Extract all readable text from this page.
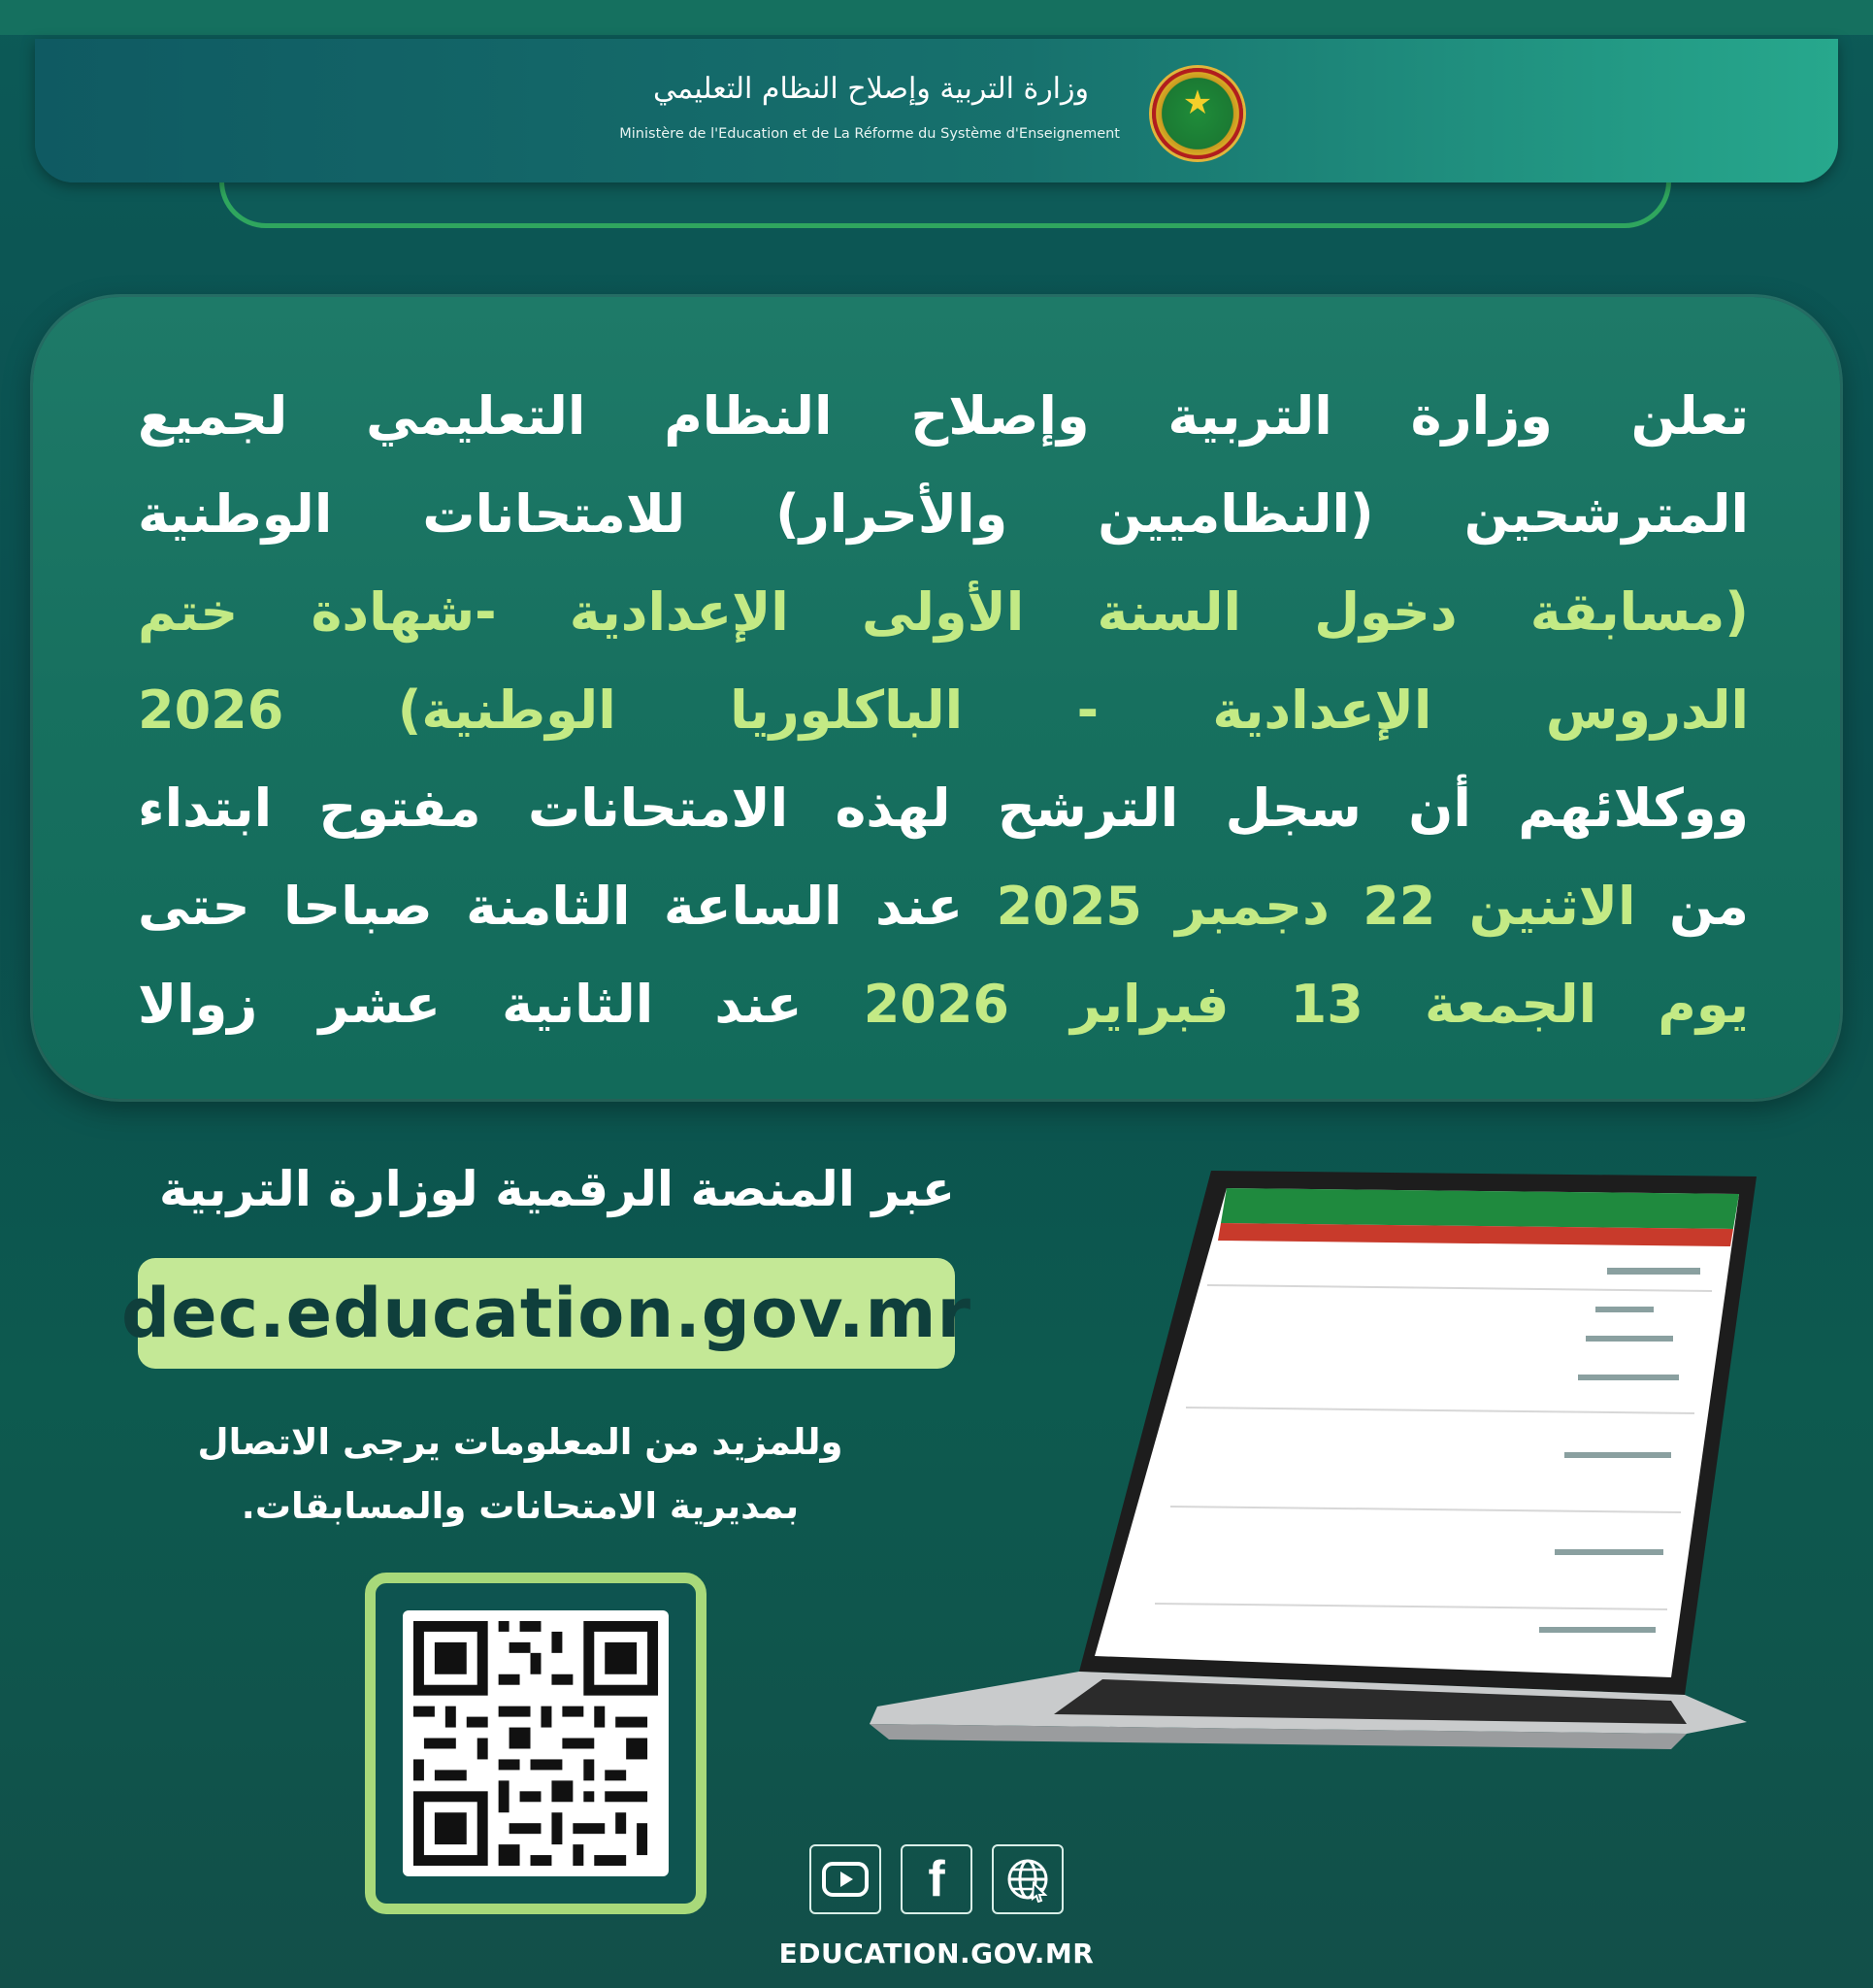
★
وزارة التربية وإصلاح النظام التعليمي
Ministère de l'Education et de La Réforme du Système d'Enseignement
تعلن وزارة التربية وإصلاح النظام التعليمي لجميع
المترشحين (النظاميين والأحرار) للامتحانات الوطنية
(مسابقة دخول السنة الأولى الإعدادية -شهادة ختم
الدروس الإعدادية - الباكلوريا الوطنية) 2026
ووكلائهم أن سجل الترشح لهذه الامتحانات مفتوح ابتداء
من الاثنين 22 دجمبر 2025 عند الساعة الثامنة صباحا حتى
يوم الجمعة 13 فبراير 2026 عند الثانية عشر زوالا
عبر المنصة الرقمية لوزارة التربية
dec.education.gov.mr
وللمزيد من المعلومات يرجى الاتصال
بمديرية الامتحانات والمسابقات.
f
EDUCATION.GOV.MR
